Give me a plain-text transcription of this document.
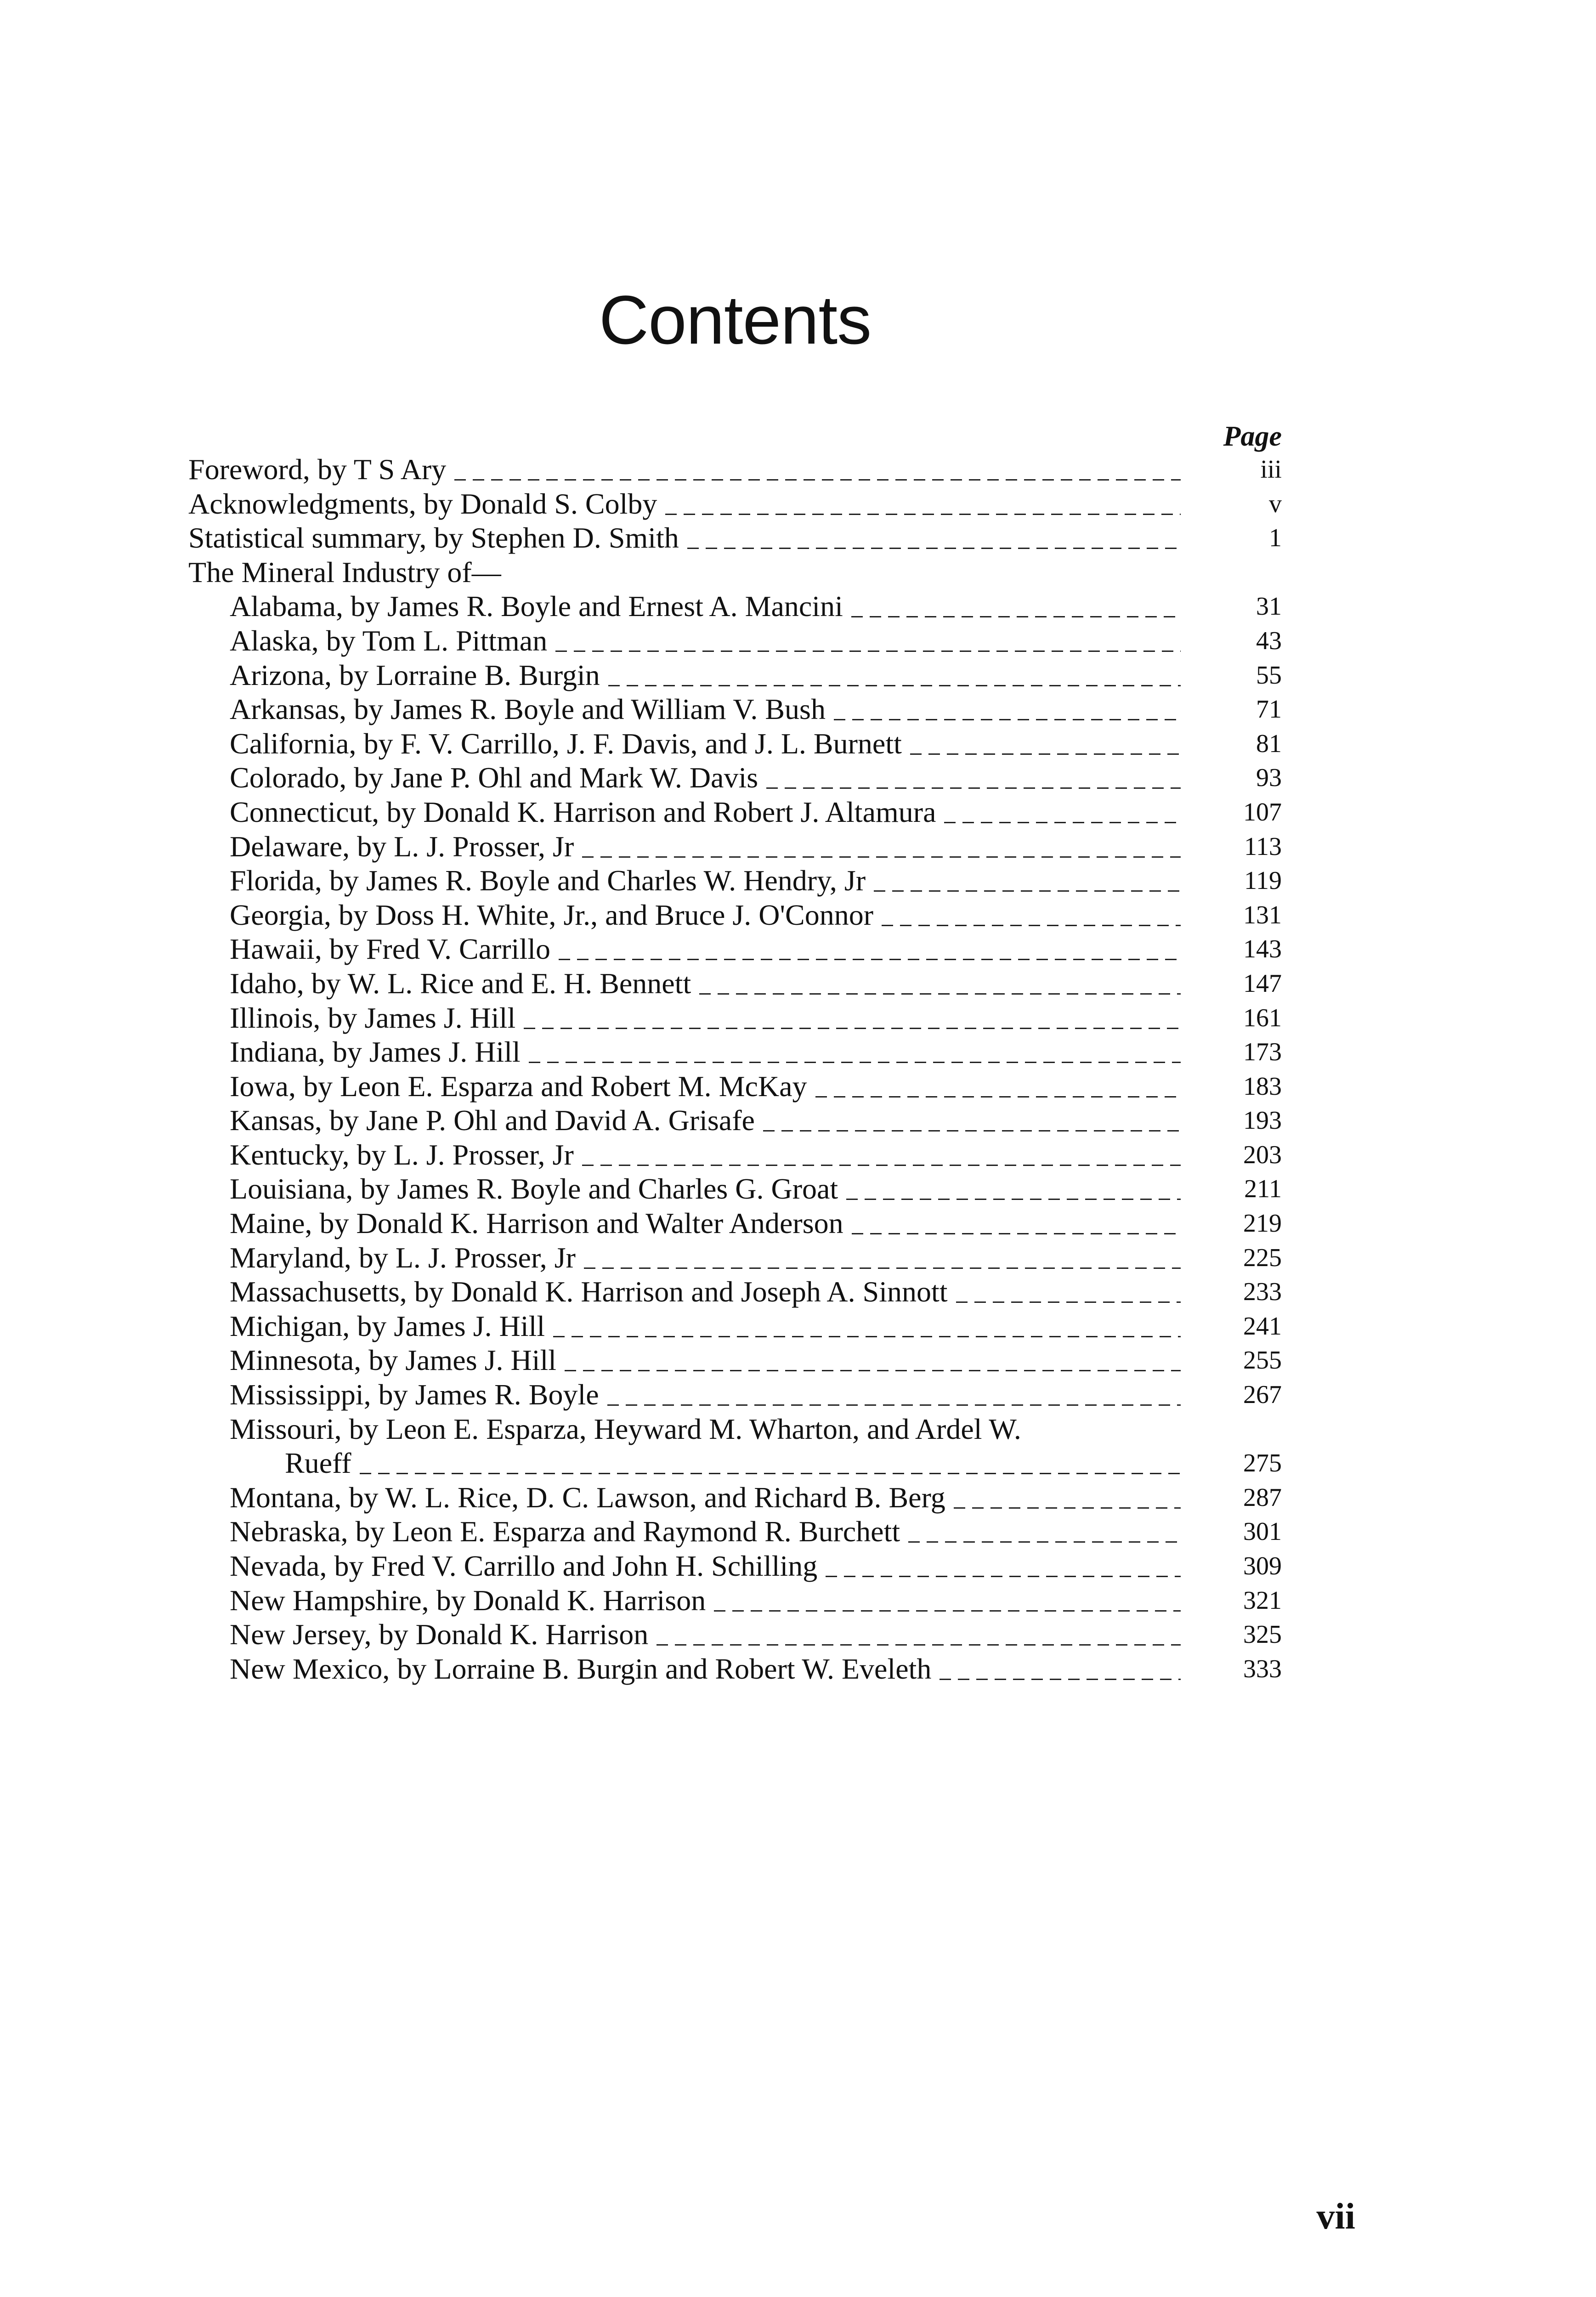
Contents
Page
Foreword, by T S Ary	iii
Acknowledgments, by Donald S. Colby	v
Statistical summary, by Stephen D. Smith	1
The Mineral Industry of—
Alabama, by James R. Boyle and Ernest A. Mancini	31
Alaska, by Tom L. Pittman	43
Arizona, by Lorraine B. Burgin	55
Arkansas, by James R. Boyle and William V. Bush	71
California, by F. V. Carrillo, J. F. Davis, and J. L. Burnett	81
Colorado, by Jane P. Ohl and Mark W. Davis	93
Connecticut, by Donald K. Harrison and Robert J. Altamura	107
Delaware, by L. J. Prosser, Jr	113
Florida, by James R. Boyle and Charles W. Hendry, Jr	119
Georgia, by Doss H. White, Jr., and Bruce J. O'Connor	131
Hawaii, by Fred V. Carrillo	143
Idaho, by W. L. Rice and E. H. Bennett	147
Illinois, by James J. Hill	161
Indiana, by James J. Hill	173
Iowa, by Leon E. Esparza and Robert M. McKay	183
Kansas, by Jane P. Ohl and David A. Grisafe	193
Kentucky, by L. J. Prosser, Jr	203
Louisiana, by James R. Boyle and Charles G. Groat	211
Maine, by Donald K. Harrison and Walter Anderson	219
Maryland, by L. J. Prosser, Jr	225
Massachusetts, by Donald K. Harrison and Joseph A. Sinnott	233
Michigan, by James J. Hill	241
Minnesota, by James J. Hill	255
Mississippi, by James R. Boyle	267
Missouri, by Leon E. Esparza, Heyward M. Wharton, and Ardel W.
Rueff	275
Montana, by W. L. Rice, D. C. Lawson, and Richard B. Berg	287
Nebraska, by Leon E. Esparza and Raymond R. Burchett	301
Nevada, by Fred V. Carrillo and John H. Schilling	309
New Hampshire, by Donald K. Harrison	321
New Jersey, by Donald K. Harrison	325
New Mexico, by Lorraine B. Burgin and Robert W. Eveleth	333
vii
